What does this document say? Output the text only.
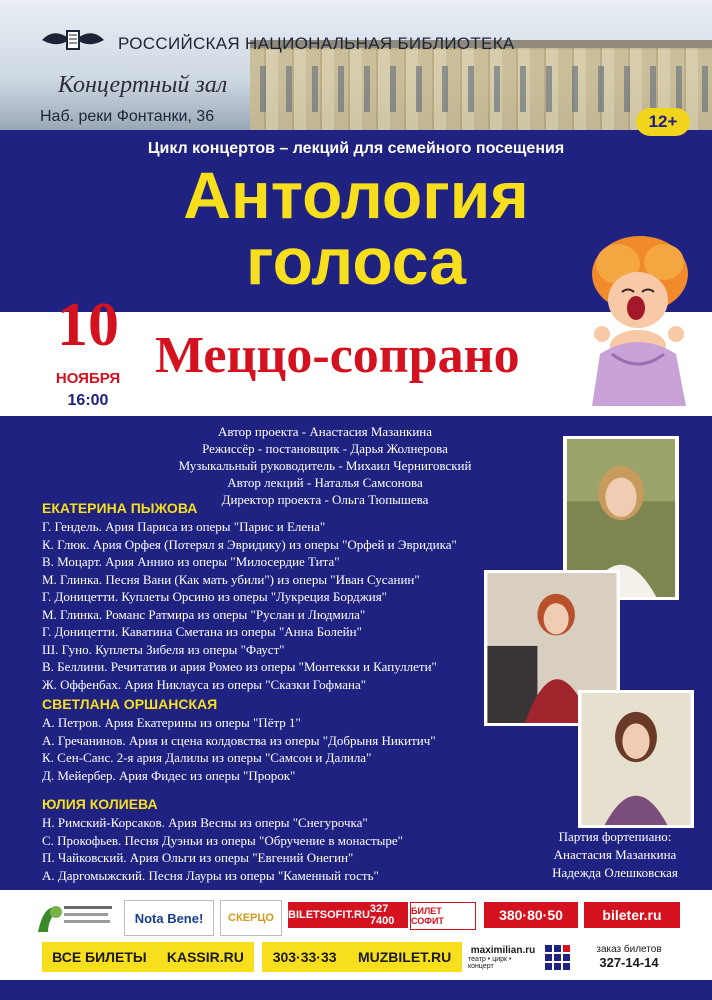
РОССИЙСКАЯ НАЦИОНАЛЬНАЯ БИБЛИОТЕКА
Концертный зал
Наб. реки Фонтанки, 36	12+
Цикл концертов – лекций для семейного посещения
Антология
голоса
10
НОЯБРЯ
16:00
Меццо-сопрано
Автор проекта - Анастасия Мазанкина
Режиссёр - постановщик - Дарья Жолнерова
Музыкальный руководитель - Михаил Черниговский
Автор лекций - Наталья Самсонова
Директор проекта - Ольга Тюпышева
ЕКАТЕРИНА ПЫЖОВА
Г. Гендель. Ария Париса из оперы "Парис и Елена"
К. Глюк. Ария Орфея (Потерял я Эвридику) из оперы "Орфей и Эвридика"
В. Моцарт. Ария Аннио из оперы "Милосердие Тита"
М. Глинка. Песня Вани (Как мать убили") из оперы "Иван Сусанин"
Г. Доницетти. Куплеты Орсино из оперы "Лукреция Борджия"
М. Глинка. Романс Ратмира из оперы "Руслан и Людмила"
Г. Доницетти. Каватина Сметана из оперы "Анна Болейн"
Ш. Гуно. Куплеты Зибеля из оперы "Фауст"
В. Беллини. Речитатив и ария Ромео из оперы "Монтекки и Капуллети"
Ж. Оффенбах. Ария Никлауса из оперы "Сказки Гофмана"
СВЕТЛАНА ОРШАНСКАЯ
А. Петров. Ария Екатерины из оперы "Пётр 1"
А. Гречанинов. Ария и сцена колдовства из оперы "Добрыня Никитич"
К. Сен-Санс. 2-я ария Далилы из оперы "Самсон и Далила"
Д. Мейербер. Ария Фидес из оперы "Пророк"
ЮЛИЯ КОЛИЕВА
Н. Римский-Корсаков. Ария Весны из оперы "Снегурочка"
С. Прокофьев. Песня Дуэньи из оперы "Обручение в монастыре"
П. Чайковский. Ария Ольги из оперы "Евгений Онегин"
А. Даргомыжский. Песня Лауры из оперы "Каменный гость"
Партия фортепиано:
Анастасия Мазанкина
Надежда Олешковская
Nota Bene!	СКЕРЦО	BILETSOFIT.RU 327 7400
БИЛЕТ СОФИТ	380·80·50	bileter.ru
ВСЕ БИЛЕТЫ KASSIR.RU 303·33·33 MUZBILET.RU maximilian.ru
театр • цирк • концерт
заказ билетов
327-14-14
